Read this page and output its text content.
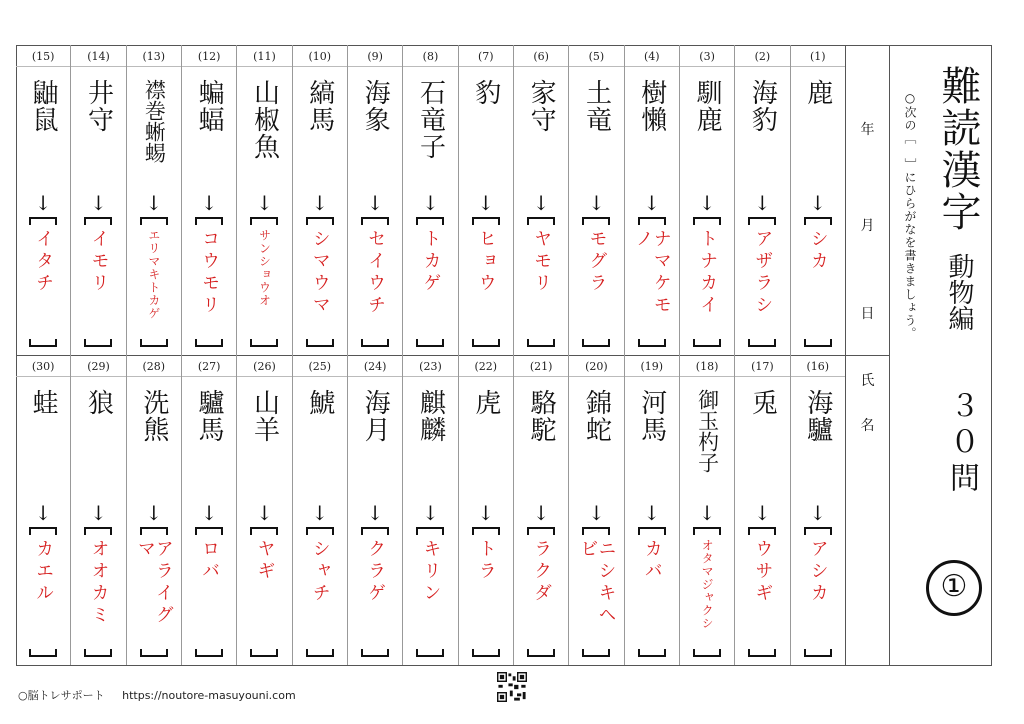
(15)
鼬鼠
↓
イタチ
(14)
井守
↓
イモリ
(13)
襟巻蜥蜴
↓
エリマキトカゲ
(12)
蝙蝠
↓
コウモリ
(11)
山椒魚
↓
サンショウオ
(10)
縞馬
↓
シマウマ
(9)
海象
↓
セイウチ
(8)
石竜子
↓
トカゲ
(7)
豹
↓
ヒョウ
(6)
家守
↓
ヤモリ
(5)
土竜
↓
モグラ
(4)
樹懶
↓
ナマケモノ
(3)
馴鹿
↓
トナカイ
(2)
海豹
↓
アザラシ
(1)
鹿
↓
シカ
(30)
蛙
↓
カエル
(29)
狼
↓
オオカミ
(28)
洗熊
↓
アライグマ
(27)
驢馬
↓
ロバ
(26)
山羊
↓
ヤギ
(25)
鯱
↓
シャチ
(24)
海月
↓
クラゲ
(23)
麒麟
↓
キリン
(22)
虎
↓
トラ
(21)
駱駝
↓
ラクダ
(20)
錦蛇
↓
ニシキヘビ
(19)
河馬
↓
カバ
(18)
御玉杓子
↓
オタマジャクシ
(17)
兎
↓
ウサギ
(16)
海驢
↓
アシカ
年
月
日
氏
名
○次の［　］にひらがなを書きましょう。 難読漢字
動物編
３０問
①
○脳トレサポート https://noutore-masuyouni.com
